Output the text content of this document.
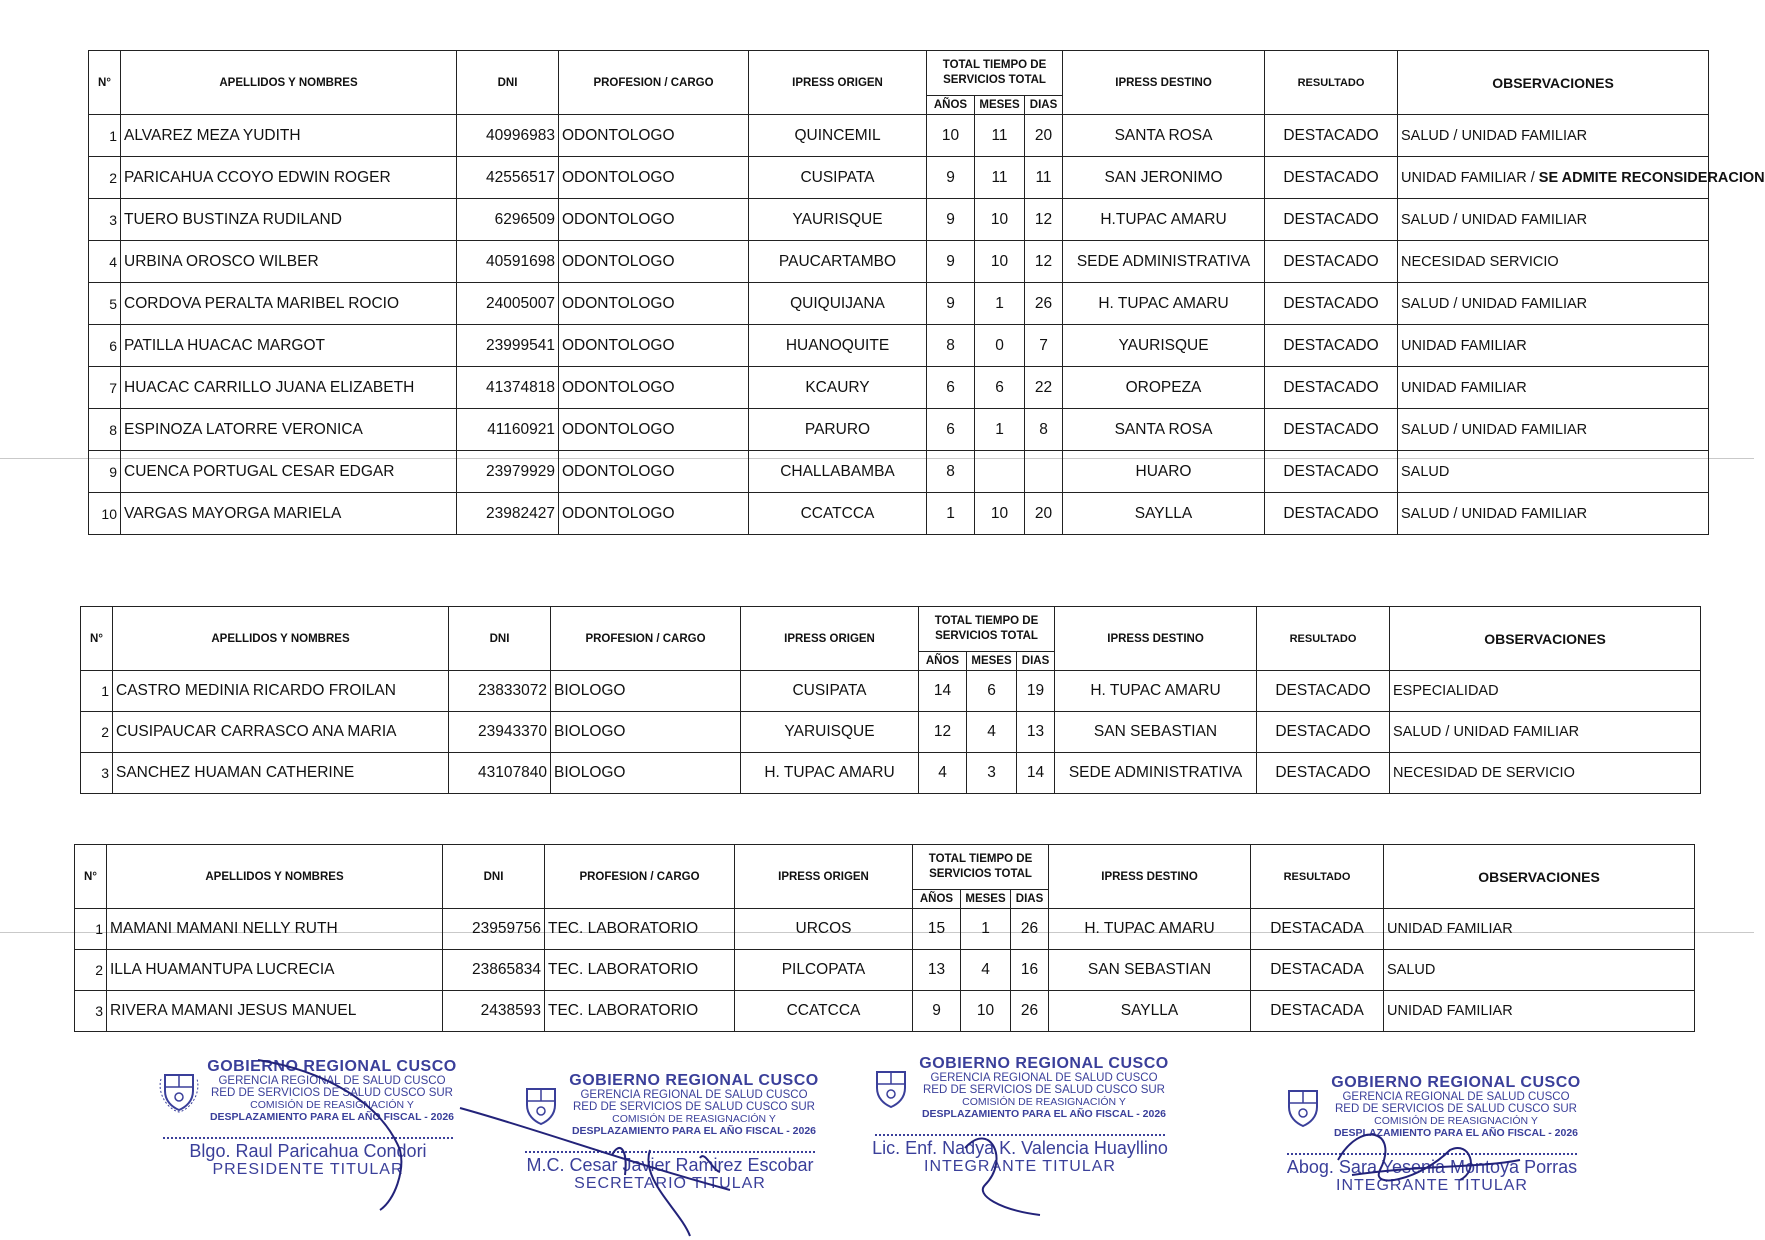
N°	APELLIDOS Y NOMBRES	DNI	PROFESION / CARGO	IPRESS ORIGEN	TOTAL TIEMPO DE SERVICIOS TOTAL			IPRESS DESTINO	RESULTADO	OBSERVACIONES
					AÑOS	MESES	DIAS			
1	ALVAREZ MEZA YUDITH	40996983	ODONTOLOGO	QUINCEMIL	10	11	20	SANTA ROSA	DESTACADO	SALUD / UNIDAD FAMILIAR
2	PARICAHUA CCOYO EDWIN ROGER	42556517	ODONTOLOGO	CUSIPATA	9	11	11	SAN JERONIMO	DESTACADO	UNIDAD FAMILIAR / SE ADMITE RECONSIDERACION
3	TUERO BUSTINZA RUDILAND	6296509	ODONTOLOGO	YAURISQUE	9	10	12	H.TUPAC AMARU	DESTACADO	SALUD / UNIDAD FAMILIAR
4	URBINA OROSCO WILBER	40591698	ODONTOLOGO	PAUCARTAMBO	9	10	12	SEDE ADMINISTRATIVA	DESTACADO	NECESIDAD SERVICIO
5	CORDOVA PERALTA MARIBEL ROCIO	24005007	ODONTOLOGO	QUIQUIJANA	9	1	26	H. TUPAC AMARU	DESTACADO	SALUD / UNIDAD FAMILIAR
6	PATILLA HUACAC MARGOT	23999541	ODONTOLOGO	HUANOQUITE	8	0	7	YAURISQUE	DESTACADO	UNIDAD FAMILIAR
7	HUACAC CARRILLO JUANA ELIZABETH	41374818	ODONTOLOGO	KCAURY	6	6	22	OROPEZA	DESTACADO	UNIDAD FAMILIAR
8	ESPINOZA LATORRE VERONICA	41160921	ODONTOLOGO	PARURO	6	1	8	SANTA ROSA	DESTACADO	SALUD / UNIDAD FAMILIAR
9	CUENCA PORTUGAL CESAR EDGAR	23979929	ODONTOLOGO	CHALLABAMBA	8			HUARO	DESTACADO	SALUD
10	VARGAS MAYORGA MARIELA	23982427	ODONTOLOGO	CCATCCA	1	10	20	SAYLLA	DESTACADO	SALUD / UNIDAD FAMILIAR
N°	APELLIDOS Y NOMBRES	DNI	PROFESION / CARGO	IPRESS ORIGEN	TOTAL TIEMPO DE SERVICIOS TOTAL			IPRESS DESTINO	RESULTADO	OBSERVACIONES
					AÑOS	MESES	DIAS			
1	CASTRO MEDINIA RICARDO FROILAN	23833072	BIOLOGO	CUSIPATA	14	6	19	H. TUPAC AMARU	DESTACADO	ESPECIALIDAD
2	CUSIPAUCAR CARRASCO ANA MARIA	23943370	BIOLOGO	YARUISQUE	12	4	13	SAN SEBASTIAN	DESTACADO	SALUD / UNIDAD FAMILIAR
3	SANCHEZ HUAMAN CATHERINE	43107840	BIOLOGO	H. TUPAC AMARU	4	3	14	SEDE ADMINISTRATIVA	DESTACADO	NECESIDAD DE SERVICIO
N°	APELLIDOS Y NOMBRES	DNI	PROFESION / CARGO	IPRESS ORIGEN	TOTAL TIEMPO DE SERVICIOS TOTAL			IPRESS DESTINO	RESULTADO	OBSERVACIONES
					AÑOS	MESES	DIAS			
1	MAMANI MAMANI NELLY RUTH	23959756	TEC. LABORATORIO	URCOS	15	1	26	H. TUPAC AMARU	DESTACADA	UNIDAD FAMILIAR
2	ILLA HUAMANTUPA LUCRECIA	23865834	TEC. LABORATORIO	PILCOPATA	13	4	16	SAN SEBASTIAN	DESTACADA	SALUD
3	RIVERA MAMANI JESUS MANUEL	2438593	TEC. LABORATORIO	CCATCCA	9	10	26	SAYLLA	DESTACADA	UNIDAD FAMILIAR
GOBIERNO REGIONAL CUSCO
GERENCIA REGIONAL DE SALUD CUSCO
RED DE SERVICIOS DE SALUD CUSCO SUR
COMISIÓN DE REASIGNACIÓN Y
DESPLAZAMIENTO PARA EL AÑO FISCAL - 2026
Blgo. Raul Paricahua Condori
PRESIDENTE TITULAR
GOBIERNO REGIONAL CUSCO
GERENCIA REGIONAL DE SALUD CUSCO
RED DE SERVICIOS DE SALUD CUSCO SUR
COMISIÓN DE REASIGNACIÓN Y
DESPLAZAMIENTO PARA EL AÑO FISCAL - 2026
M.C. Cesar Javier Ramirez Escobar
SECRETARIO TITULAR
GOBIERNO REGIONAL CUSCO
GERENCIA REGIONAL DE SALUD CUSCO
RED DE SERVICIOS DE SALUD CUSCO SUR
COMISIÓN DE REASIGNACIÓN Y
DESPLAZAMIENTO PARA EL AÑO FISCAL - 2026
Lic. Enf. Nadya K. Valencia Huayllino
INTEGRANTE TITULAR
GOBIERNO REGIONAL CUSCO
GERENCIA REGIONAL DE SALUD CUSCO
RED DE SERVICIOS DE SALUD CUSCO SUR
COMISIÓN DE REASIGNACIÓN Y
DESPLAZAMIENTO PARA EL AÑO FISCAL - 2026
Abog. Sara Yesenia Montoya Porras
INTEGRANTE TITULAR
